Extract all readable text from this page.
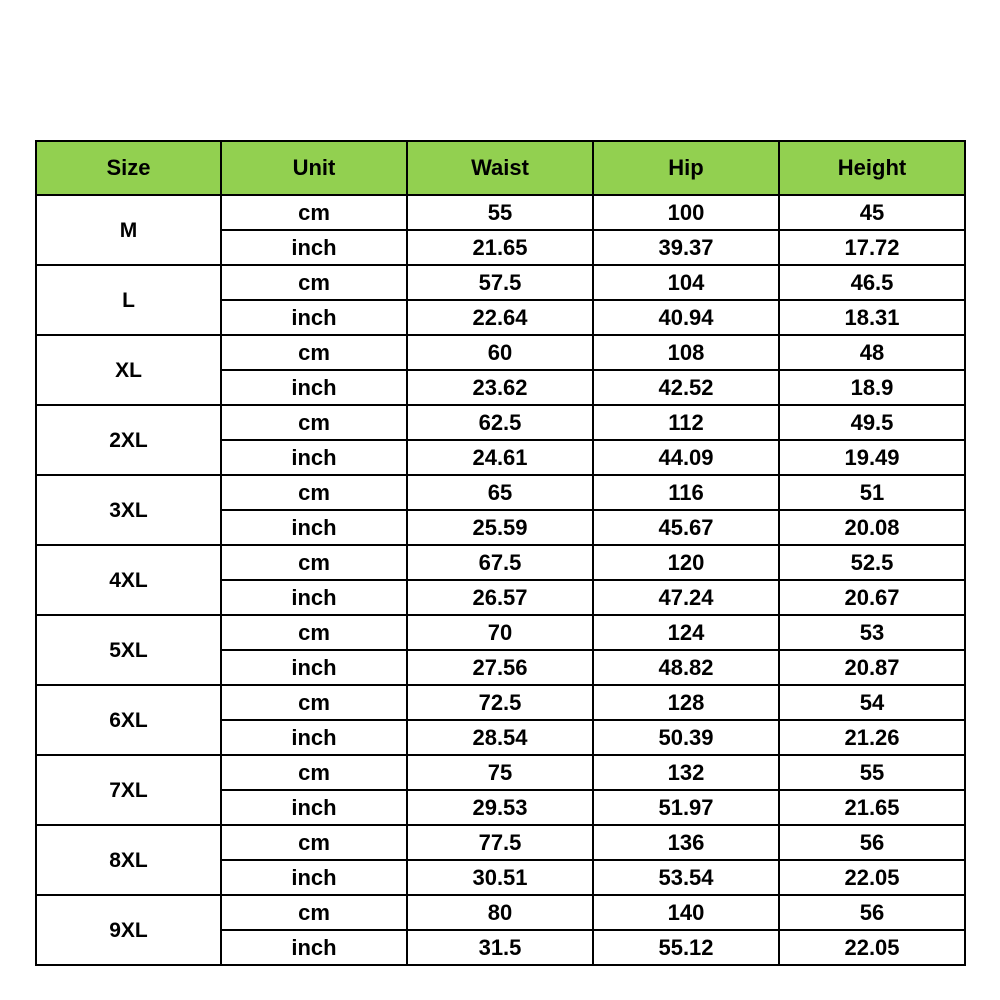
Size	Unit	Waist	Hip	Height
M	cm	55	100	45
	inch	21.65	39.37	17.72
L	cm	57.5	104	46.5
	inch	22.64	40.94	18.31
XL	cm	60	108	48
	inch	23.62	42.52	18.9
2XL	cm	62.5	112	49.5
	inch	24.61	44.09	19.49
3XL	cm	65	116	51
	inch	25.59	45.67	20.08
4XL	cm	67.5	120	52.5
	inch	26.57	47.24	20.67
5XL	cm	70	124	53
	inch	27.56	48.82	20.87
6XL	cm	72.5	128	54
	inch	28.54	50.39	21.26
7XL	cm	75	132	55
	inch	29.53	51.97	21.65
8XL	cm	77.5	136	56
	inch	30.51	53.54	22.05
9XL	cm	80	140	56
	inch	31.5	55.12	22.05
